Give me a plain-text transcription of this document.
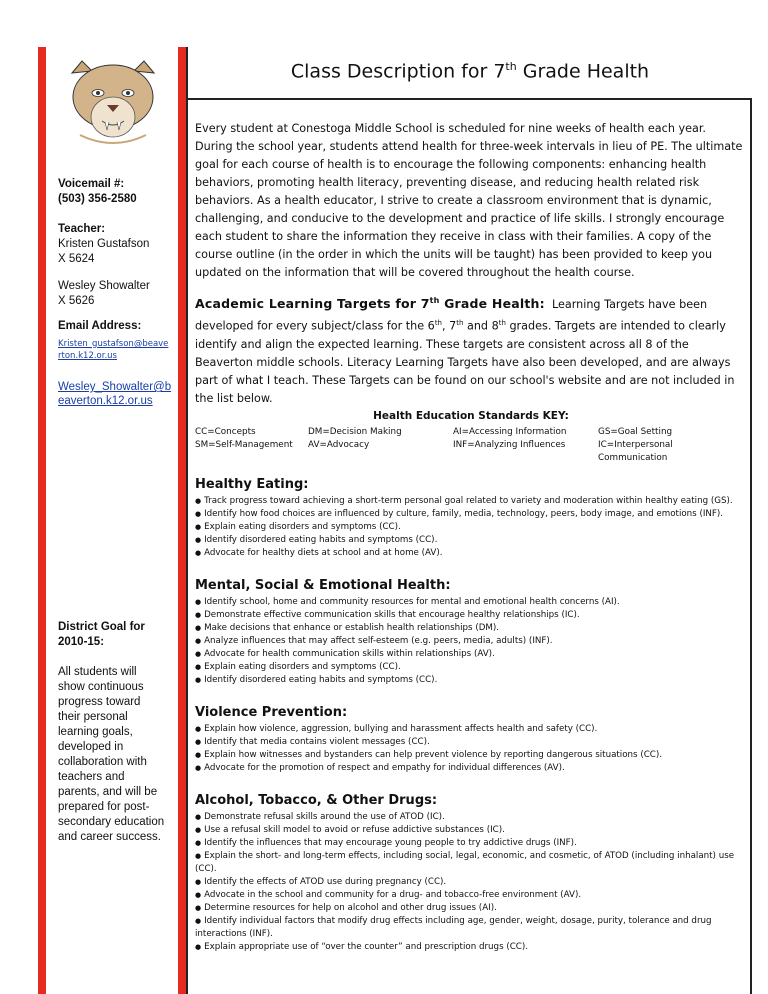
Voicemail #:
(503) 356-2580
Teacher:
Kristen Gustafson
X 5624
Wesley Showalter
X 5626
Email Address:
Kristen_gustafson@beaverton.k12.or.us
Wesley_Showalter@beaverton.k12.or.us
District Goal for 2010-15:
All students will show continuous progress toward their personal learning goals, developed in collaboration with teachers and parents, and will be prepared for post-secondary education and career success.
Class Description for 7th Grade Health
Every student at Conestoga Middle School is scheduled for nine weeks of health each year. During the school year, students attend health for three-week intervals in lieu of PE. The ultimate goal for each course of health is to encourage the following components: enhancing health behaviors, promoting health literacy, preventing disease, and reducing health related risk behaviors. As a health educator, I strive to create a classroom environment that is dynamic, challenging, and conducive to the development and practice of life skills. I strongly encourage each student to share the information they receive in class with their families. A copy of the course outline (in the order in which the units will be taught) has been provided to keep you updated on the information that will be covered throughout the health course.
Academic Learning Targets for 7th Grade Health: Learning Targets have been developed for every subject/class for the 6th, 7th and 8th grades. Targets are intended to clearly identify and align the expected learning. These targets are consistent across all 8 of the Beaverton middle schools. Literacy Learning Targets have also been developed, and are always part of what I teach. These Targets can be found on our school's website and are not included in the list below.
Health Education Standards KEY:
CC=Concepts	DM=Decision Making	AI=Accessing Information	GS=Goal Setting
SM=Self-Management	AV=Advocacy	INF=Analyzing Influences	IC=Interpersonal Communication
Healthy Eating:
● Track progress toward achieving a short-term personal goal related to variety and moderation within healthy eating (GS).
● Identify how food choices are influenced by culture, family, media, technology, peers, body image, and emotions (INF).
● Explain eating disorders and symptoms (CC).
● Identify disordered eating habits and symptoms (CC).
● Advocate for healthy diets at school and at home (AV).
Mental, Social & Emotional Health:
● Identify school, home and community resources for mental and emotional health concerns (AI).
● Demonstrate effective communication skills that encourage healthy relationships (IC).
● Make decisions that enhance or establish health relationships (DM).
● Analyze influences that may affect self-esteem (e.g. peers, media, adults) (INF).
● Advocate for health communication skills within relationships (AV).
● Explain eating disorders and symptoms (CC).
● Identify disordered eating habits and symptoms (CC).
Violence Prevention:
● Explain how violence, aggression, bullying and harassment affects health and safety (CC).
● Identify that media contains violent messages (CC).
● Explain how witnesses and bystanders can help prevent violence by reporting dangerous situations (CC).
● Advocate for the promotion of respect and empathy for individual differences (AV).
Alcohol, Tobacco, & Other Drugs:
● Demonstrate refusal skills around the use of ATOD (IC).
● Use a refusal skill model to avoid or refuse addictive substances (IC).
● Identify the influences that may encourage young people to try addictive drugs (INF).
● Explain the short- and long-term effects, including social, legal, economic, and cosmetic, of ATOD (including inhalant) use (CC).
● Identify the effects of ATOD use during pregnancy (CC).
● Advocate in the school and community for a drug- and tobacco-free environment (AV).
● Determine resources for help on alcohol and other drug issues (AI).
● Identify individual factors that modify drug effects including age, gender, weight, dosage, purity, tolerance and drug interactions (INF).
● Explain appropriate use of “over the counter” and prescription drugs (CC).
